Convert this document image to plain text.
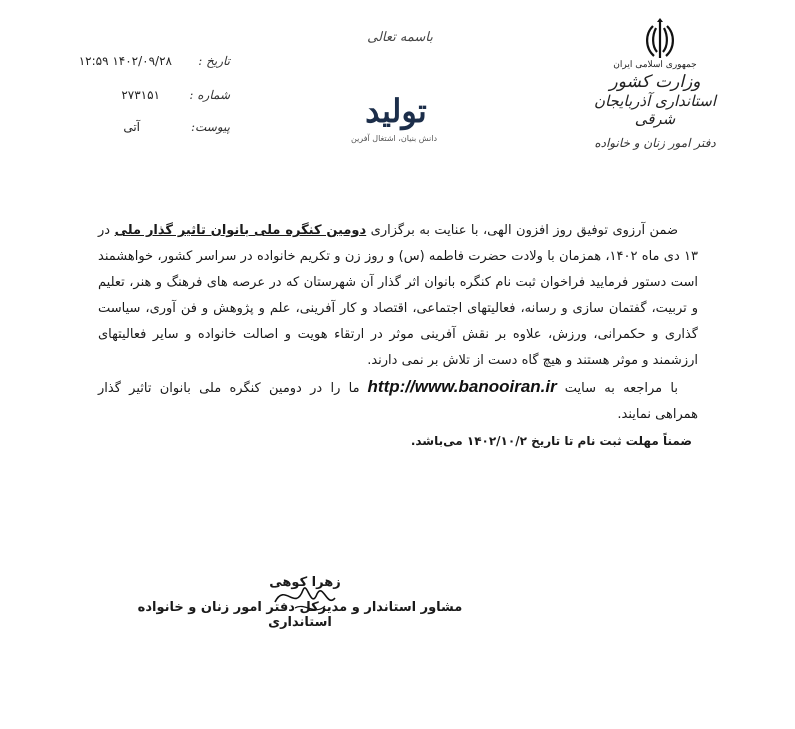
باسمه تعالی
تاریخ :
۱۴۰۲/۰۹/۲۸ ۱۲:۵۹
شماره :
۲۷۳۱۵۱
پیوست:
آتی	تولید
دانش بنیان، اشتغال آفرین
جمهوری اسلامی ایران
وزارت کشور
استانداری آذربایجان شرقی
دفتر امور زنان و خانواده

ضمن آرزوی توفیق روز افزون الهی، با عنایت به برگزاری دومین کنگره ملی بانوان تاثیر گذار ملی در ۱۳ دی ماه ۱۴۰۲، همزمان با ولادت حضرت فاطمه (س) و روز زن و تکریم خانواده در سراسر کشور، خواهشمند است دستور فرمایید فراخوان ثبت نام کنگره بانوان اثر گذار آن شهرستان که در عرصه های فرهنگ و هنر، تعلیم و تربیت، گفتمان سازی و رسانه، فعالیتهای اجتماعی، اقتصاد و کار آفرینی، علم و پژوهش و فن آوری، سیاست گذاری و حکمرانی، ورزش، علاوه بر نقش آفرینی موثر در ارتقاء هویت و اصالت خانواده و سایر فعالیتهای ارزشمند و موثر هستند و هیچ گاه دست از تلاش بر نمی دارند.

با مراجعه به سایتhttp://www.banooiran.irما را در دومین کنگره ملی بانوان تاثیر گذار همراهی نمایند.

ضمناً مهلت ثبت نام تا تاریخ ۱۴۰۲/۱۰/۲ می‌باشد.

زهرا کوهی
مشاور استاندار و مدیرکل دفتر امور زنان و خانواده استانداری
